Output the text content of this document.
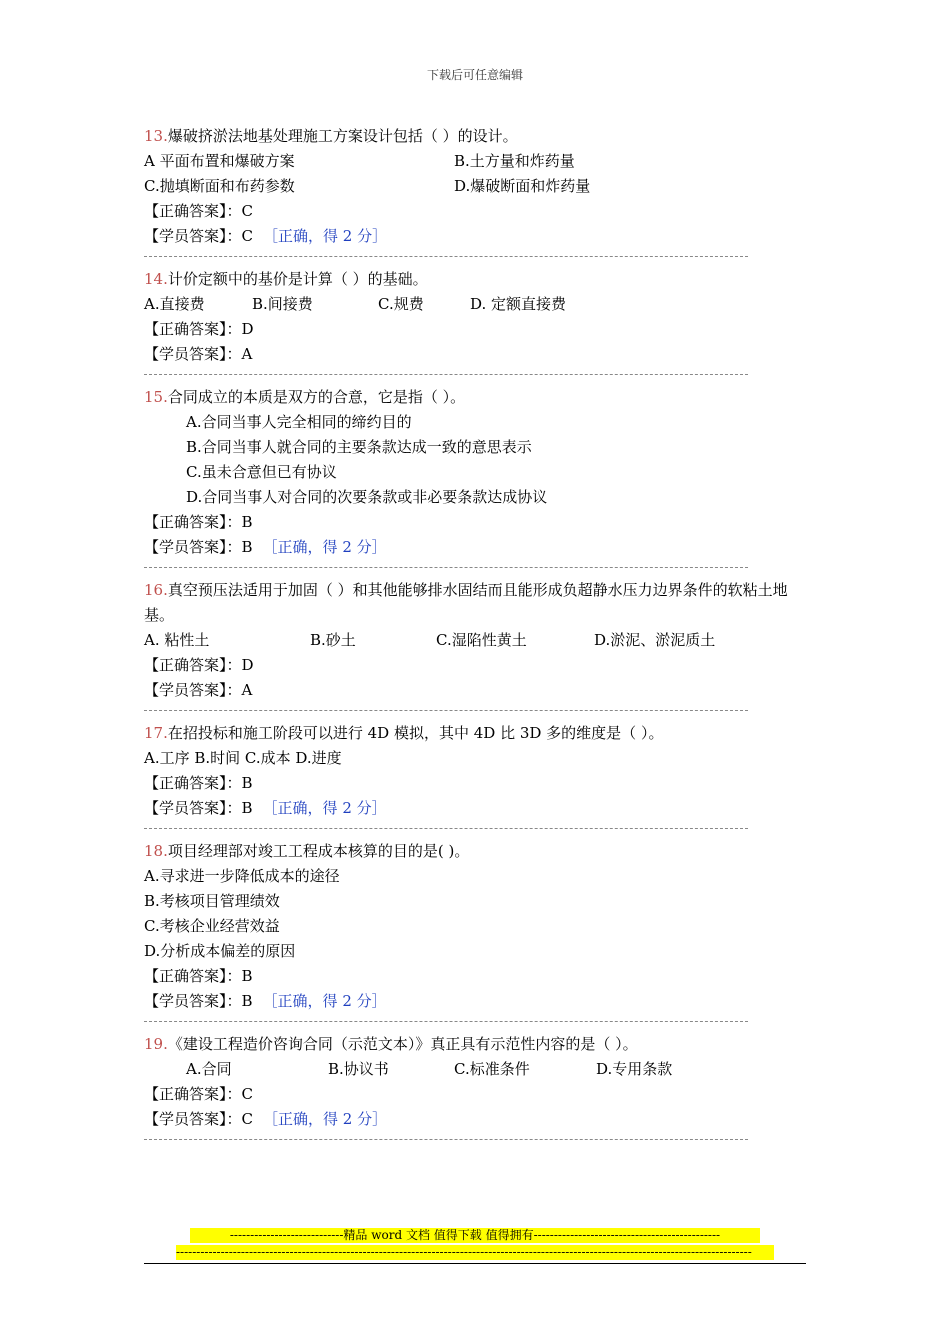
下载后可任意编辑
13.爆破挤淤法地基处理施工方案设计包括（ ）的设计。
A 平面布置和爆破方案	B.土方量和炸药量
C.抛填断面和布药参数	D.爆破断面和炸药量
【正确答案】：C
【学员答案】：C ［正确，得 2 分］
14.计价定额中的基价是计算（ ）的基础。
A.直接费	B.间接费	C.规费	D. 定额直接费
【正确答案】：D
【学员答案】：A
15.合同成立的本质是双方的合意，它是指（ ）。
A.合同当事人完全相同的缔约目的
B.合同当事人就合同的主要条款达成一致的意思表示
C.虽未合意但已有协议
D.合同当事人对合同的次要条款或非必要条款达成协议
【正确答案】：B
【学员答案】：B ［正确，得 2 分］
16.真空预压法适用于加固（ ）和其他能够排水固结而且能形成负超静水压力边界条件的软粘土地基。
A. 粘性土	B.砂土	C.湿陷性黄土	D.淤泥、淤泥质土
【正确答案】：D
【学员答案】：A
17.在招投标和施工阶段可以进行 4D 模拟，其中 4D 比 3D 多的维度是（ ）。
A.工序 B.时间 C.成本 D.进度
【正确答案】：B
【学员答案】：B ［正确，得 2 分］
18.项目经理部对竣工工程成本核算的目的是( )。
A.寻求进一步降低成本的途径
B.考核项目管理绩效
C.考核企业经营效益
D.分析成本偏差的原因
【正确答案】：B
【学员答案】：B ［正确，得 2 分］
19.《建设工程造价咨询合同（示范文本）》真正具有示范性内容的是（ ）。
A.合同	B.协议书	C.标准条件	D.专用条款
【正确答案】：C
【学员答案】：C ［正确，得 2 分］
----------------------------精品 word 文档 值得下载 值得拥有----------------------------------------------
----------------------------------------------------------------------------------------------------------------------------------------------
